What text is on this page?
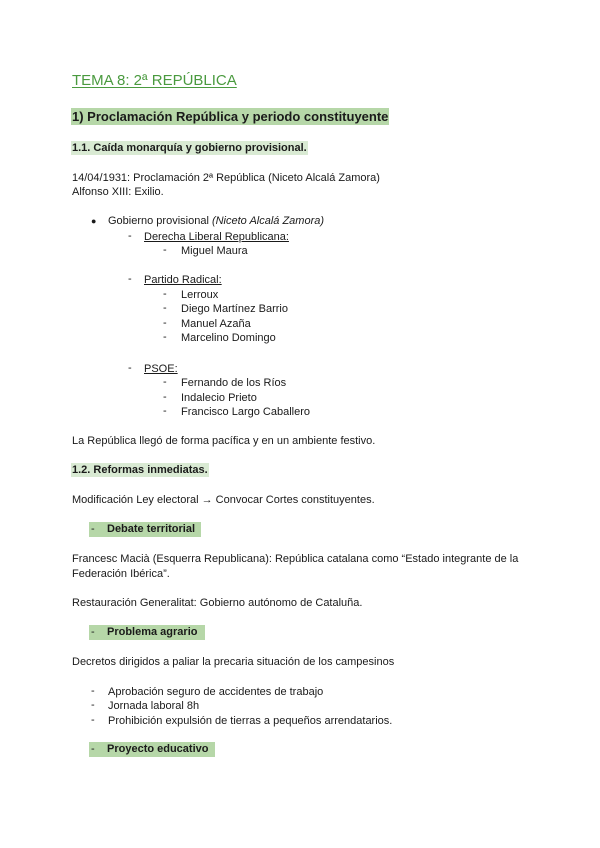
TEMA 8: 2ª REPÚBLICA
1) Proclamación República y periodo constituyente
1.1. Caída monarquía y gobierno provisional.
14/04/1931: Proclamación 2ª República (Niceto Alcalá Zamora)
Alfonso XIII: Exilio.
● Gobierno provisional (Niceto Alcalá Zamora)
- Derecha Liberal Republicana:
- Miguel Maura
- Partido Radical:
- Lerroux
- Diego Martínez Barrio
- Manuel Azaña
- Marcelino Domingo
- PSOE:
- Fernando de los Ríos
- Indalecio Prieto
- Francisco Largo Caballero
La República llegó de forma pacífica y en un ambiente festivo.
1.2. Reformas inmediatas.
Modificación Ley electoral → Convocar Cortes constituyentes.
- Debate territorial
Francesc Macià (Esquerra Republicana): República catalana como “Estado integrante de la
Federación Ibérica”.
Restauración Generalitat: Gobierno autónomo de Cataluña.
- Problema agrario
Decretos dirigidos a paliar la precaria situación de los campesinos
- Aprobación seguro de accidentes de trabajo
- Jornada laboral 8h
- Prohibición expulsión de tierras a pequeños arrendatarios.
- Proyecto educativo
